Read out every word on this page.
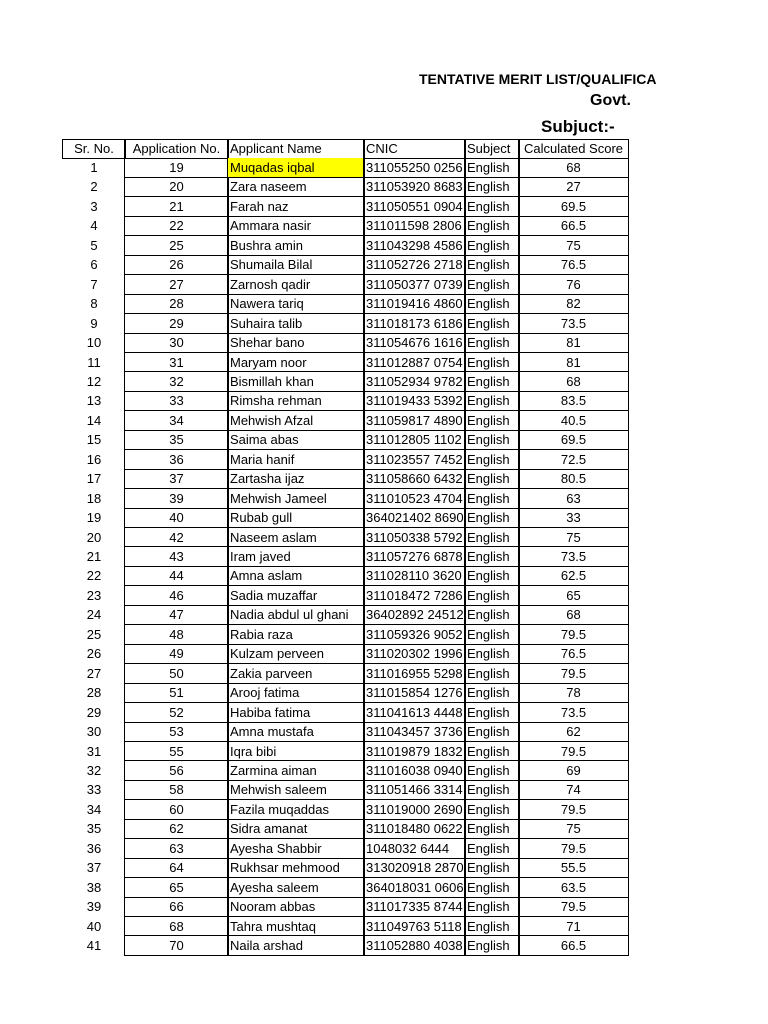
TENTATIVE MERIT LIST/QUALIFICA
Govt.
Subjuct:-
Sr. No.	Application No. Applicant Name	CNIC	Subject	Calculated Score
1	19	Muqadas iqbal	311055250 0256 English	68
2	20	Zara naseem	311053920 8683 English	27
3	21	Farah naz	311050551 0904 English	69.5
4	22	Ammara nasir	311011598 2806 English	66.5
5	25	Bushra amin	311043298 4586 English	75
6	26	Shumaila Bilal	311052726 2718 English	76.5
7	27	Zarnosh qadir	311050377 0739 English	76
8	28	Nawera tariq	311019416 4860 English	82
9	29	Suhaira talib	311018173 6186 English	73.5
10	30	Shehar bano	311054676 1616 English	81
11	31	Maryam noor	311012887 0754 English	81
12	32	Bismillah khan	311052934 9782 English	68
13	33	Rimsha rehman	311019433 5392 English	83.5
14	34	Mehwish Afzal	311059817 4890 English	40.5
15	35	Saima abas	311012805 1102 English	69.5
16	36	Maria hanif	311023557 7452 English	72.5
17	37	Zartasha ijaz	311058660 6432 English	80.5
18	39	Mehwish Jameel	311010523 4704 English	63
19	40	Rubab gull	364021402 8690 English	33
20	42	Naseem aslam	311050338 5792 English	75
21	43	Iram javed	311057276 6878 English	73.5
22	44	Amna aslam	311028110 3620 English	62.5
23	46	Sadia muzaffar	311018472 7286 English	65
24	47	Nadia abdul ul ghani	36402892 24512 English	68
25	48	Rabia raza	311059326 9052 English	79.5
26	49	Kulzam perveen	311020302 1996 English	76.5
27	50	Zakia parveen	311016955 5298 English	79.5
28	51	Arooj fatima	311015854 1276 English	78
29	52	Habiba fatima	311041613 4448 English	73.5
30	53	Amna mustafa	311043457 3736 English	62
31	55	Iqra bibi	311019879 1832 English	79.5
32	56	Zarmina aiman	311016038 0940 English	69
33	58	Mehwish saleem	311051466 3314 English	74
34	60	Fazila muqaddas	311019000 2690 English	79.5
35	62	Sidra amanat	311018480 0622 English	75
36	63	Ayesha Shabbir	1048032 6444	English	79.5
37	64	Rukhsar mehmood	313020918 2870 English	55.5
38	65	Ayesha saleem	364018031 0606 English	63.5
39	66	Nooram abbas	311017335 8744 English	79.5
40	68	Tahra mushtaq	311049763 5118 English	71
41	70	Naila arshad	311052880 4038 English	66.5
